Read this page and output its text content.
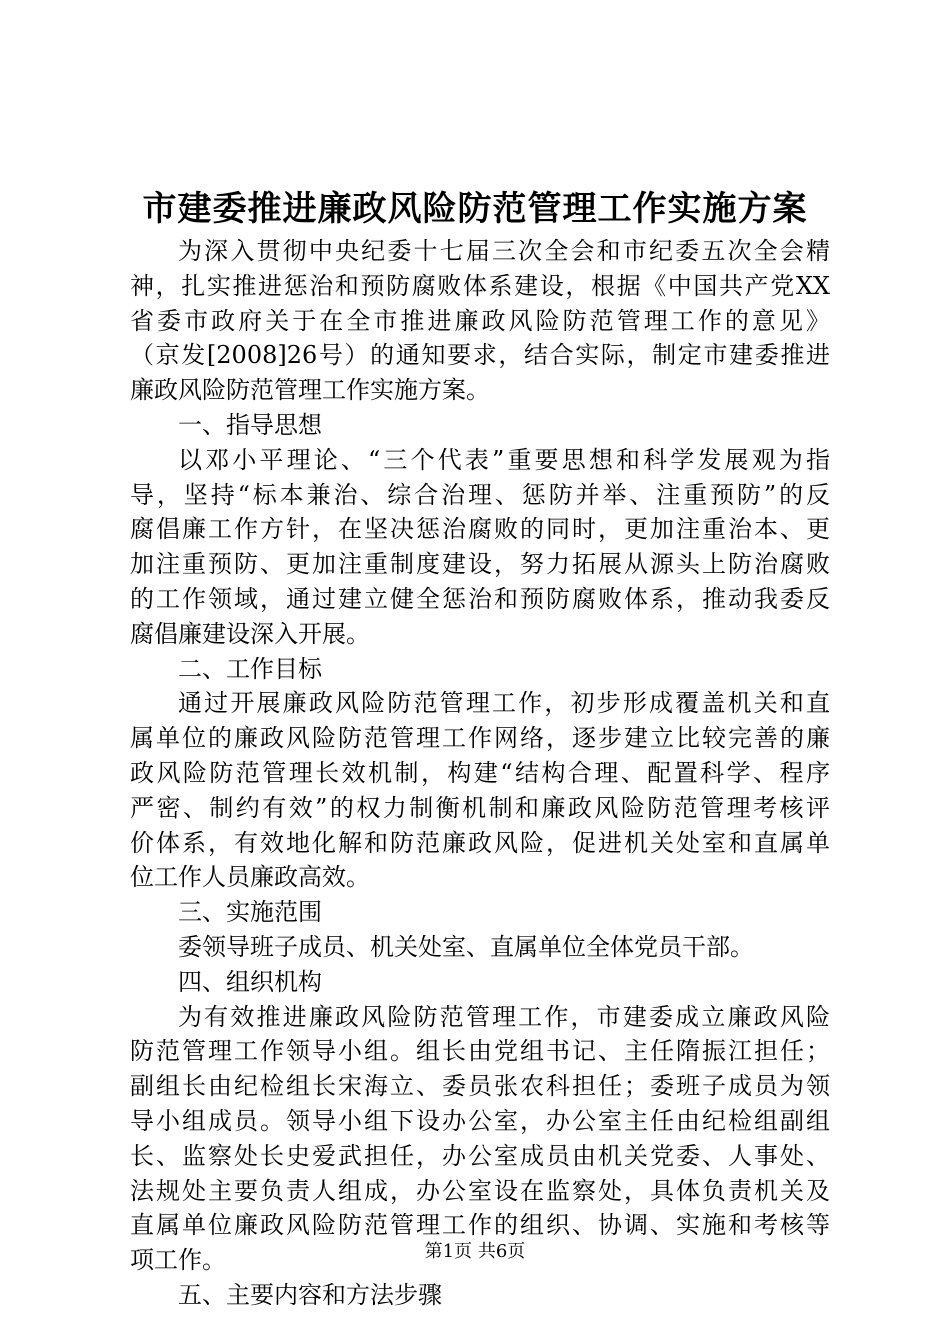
市建委推进廉政风险防范管理工作实施方案
为深入贯彻中央纪委十七届三次全会和市纪委五次全会精
神，扎实推进惩治和预防腐败体系建设，根据《中国共产党XX
省委市政府关于在全市推进廉政风险防范管理工作的意见》
（京发[2008]26号）的通知要求，结合实际，制定市建委推进
廉政风险防范管理工作实施方案。
一、指导思想
以邓小平理论、“三个代表”重要思想和科学发展观为指
导，坚持“标本兼治、综合治理、惩防并举、注重预防”的反
腐倡廉工作方针，在坚决惩治腐败的同时，更加注重治本、更
加注重预防、更加注重制度建设，努力拓展从源头上防治腐败
的工作领域，通过建立健全惩治和预防腐败体系，推动我委反
腐倡廉建设深入开展。
二、工作目标
通过开展廉政风险防范管理工作，初步形成覆盖机关和直
属单位的廉政风险防范管理工作网络，逐步建立比较完善的廉
政风险防范管理长效机制，构建“结构合理、配置科学、程序
严密、制约有效”的权力制衡机制和廉政风险防范管理考核评
价体系，有效地化解和防范廉政风险，促进机关处室和直属单
位工作人员廉政高效。
三、实施范围
委领导班子成员、机关处室、直属单位全体党员干部。
四、组织机构
为有效推进廉政风险防范管理工作，市建委成立廉政风险
防范管理工作领导小组。组长由党组书记、主任隋振江担任；
副组长由纪检组长宋海立、委员张农科担任；委班子成员为领
导小组成员。领导小组下设办公室，办公室主任由纪检组副组
长、监察处长史爱武担任，办公室成员由机关党委、人事处、
法规处主要负责人组成，办公室设在监察处，具体负责机关及
直属单位廉政风险防范管理工作的组织、协调、实施和考核等
项工作。
五、主要内容和方法步骤
第1页 共6页
